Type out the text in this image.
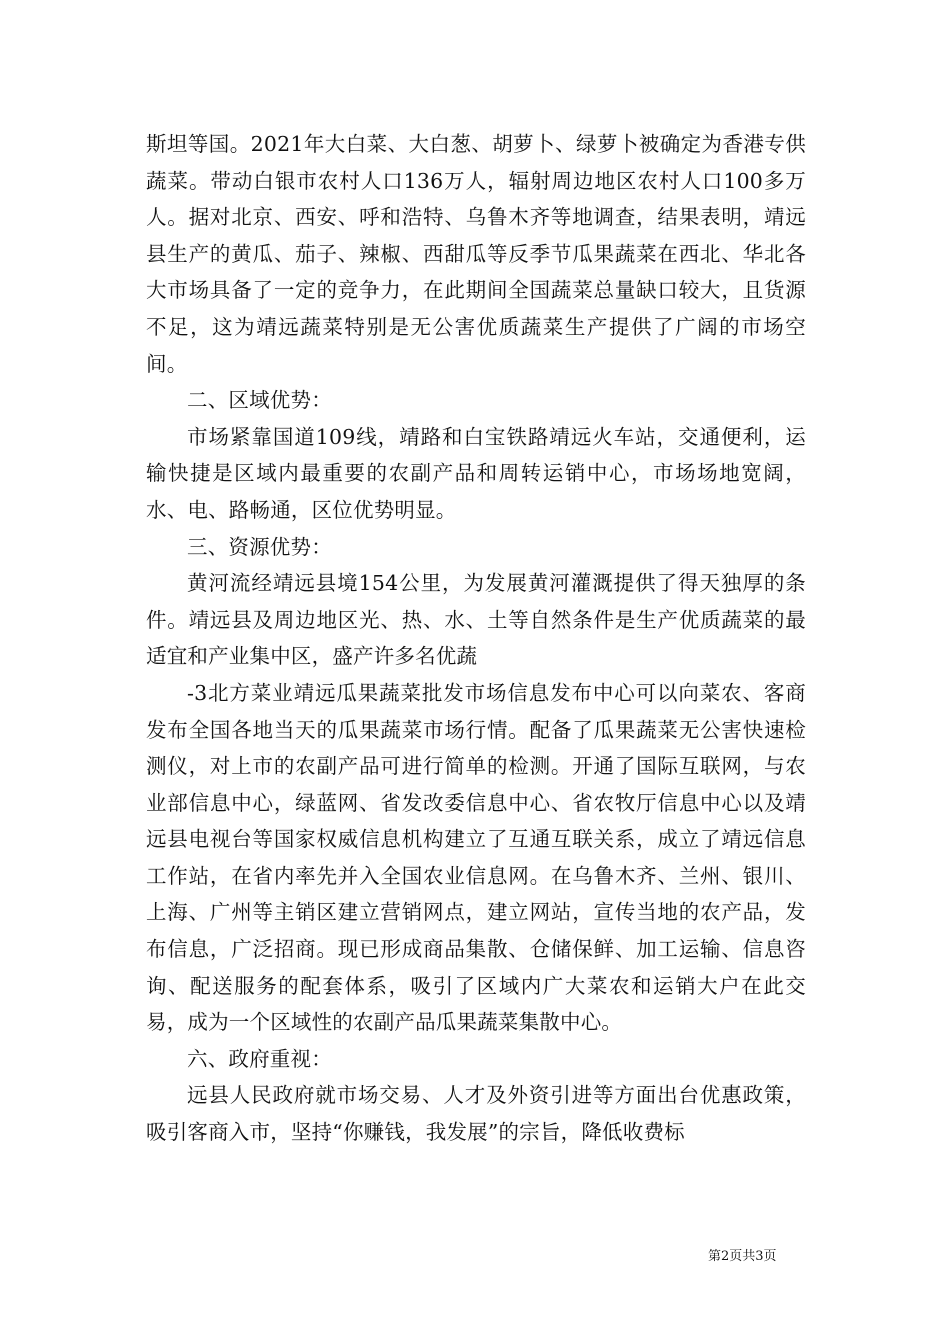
斯坦等国。2021年大白菜、大白葱、胡萝卜、绿萝卜被确定为香港专供蔬菜。带动白银市农村人口136万人，辐射周边地区农村人口100多万人。据对北京、西安、呼和浩特、乌鲁木齐等地调查，结果表明，靖远县生产的黄瓜、茄子、辣椒、西甜瓜等反季节瓜果蔬菜在西北、华北各大市场具备了一定的竞争力，在此期间全国蔬菜总量缺口较大，且货源不足，这为靖远蔬菜特别是无公害优质蔬菜生产提供了广阔的市场空间。

二、区域优势：

市场紧靠国道109线，靖路和白宝铁路靖远火车站，交通便利，运输快捷是区域内最重要的农副产品和周转运销中心，市场场地宽阔，水、电、路畅通，区位优势明显。

三、资源优势：

黄河流经靖远县境154公里，为发展黄河灌溉提供了得天独厚的条件。靖远县及周边地区光、热、水、土等自然条件是生产优质蔬菜的最适宜和产业集中区，盛产许多名优蔬

-3北方菜业靖远瓜果蔬菜批发市场信息发布中心可以向菜农、客商发布全国各地当天的瓜果蔬菜市场行情。配备了瓜果蔬菜无公害快速检测仪，对上市的农副产品可进行简单的检测。开通了国际互联网，与农业部信息中心，绿蓝网、省发改委信息中心、省农牧厅信息中心以及靖远县电视台等国家权威信息机构建立了互通互联关系，成立了靖远信息工作站，在省内率先并入全国农业信息网。在乌鲁木齐、兰州、银川、上海、广州等主销区建立营销网点，建立网站，宣传当地的农产品，发布信息，广泛招商。现已形成商品集散、仓储保鲜、加工运输、信息咨询、配送服务的配套体系，吸引了区域内广大菜农和运销大户在此交易，成为一个区域性的农副产品瓜果蔬菜集散中心。

六、政府重视：

远县人民政府就市场交易、人才及外资引进等方面出台优惠政策，吸引客商入市，坚持“你赚钱，我发展”的宗旨，降低收费标

第2页共3页
